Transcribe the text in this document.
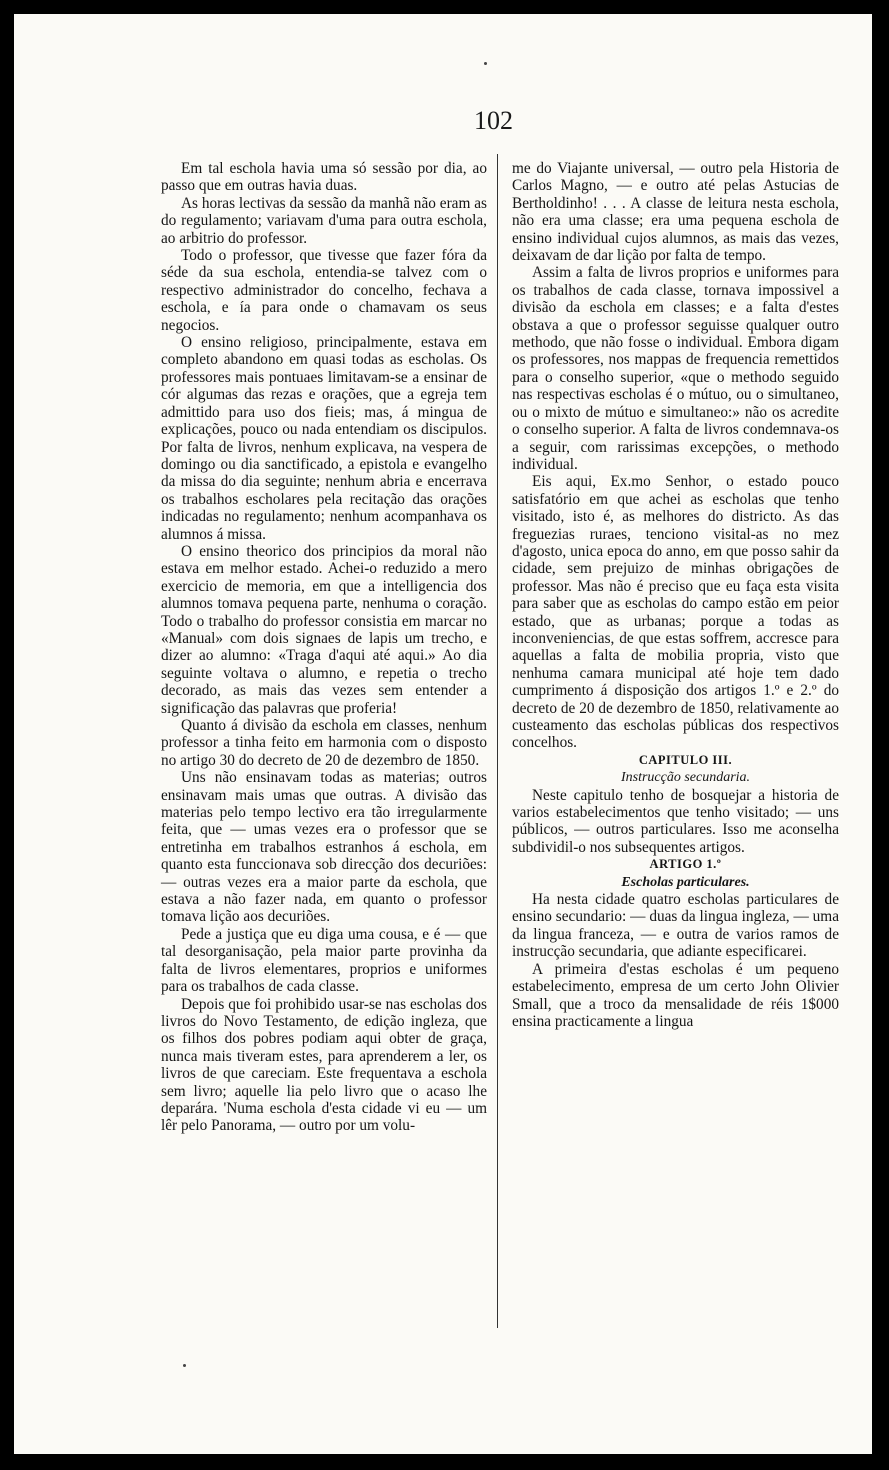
102

Em tal eschola havia uma só sessão por dia, ao passo que em outras havia duas.

As horas lectivas da sessão da manhã não eram as do regulamento; variavam d'uma para outra eschola, ao arbitrio do professor.

Todo o professor, que tivesse que fazer fóra da séde da sua eschola, entendia-se talvez com o respectivo administrador do concelho, fechava a eschola, e ía para onde o chamavam os seus negocios.

O ensino religioso, principalmente, estava em completo abandono em quasi todas as escholas. Os professores mais pontuaes limitavam-se a ensinar de cór algumas das rezas e orações, que a egreja tem admittido para uso dos fieis; mas, á mingua de explicações, pouco ou nada entendiam os discipulos. Por falta de livros, nenhum explicava, na vespera de domingo ou dia sanctificado, a epistola e evangelho da missa do dia seguinte; nenhum abria e encerrava os trabalhos escholares pela recitação das orações indicadas no regulamento; nenhum acompanhava os alumnos á missa.

O ensino theorico dos principios da moral não estava em melhor estado. Achei-o reduzido a mero exercicio de memoria, em que a intelligencia dos alumnos tomava pequena parte, nenhuma o coração. Todo o trabalho do professor consistia em marcar no «Manual» com dois signaes de lapis um trecho, e dizer ao alumno: «Traga d'aqui até aqui.» Ao dia seguinte voltava o alumno, e repetia o trecho decorado, as mais das vezes sem entender a significação das palavras que proferia!

Quanto á divisão da eschola em classes, nenhum professor a tinha feito em harmonia com o disposto no artigo 30 do decreto de 20 de dezembro de 1850.

Uns não ensinavam todas as materias; outros ensinavam mais umas que outras. A divisão das materias pelo tempo lectivo era tão irregularmente feita, que — umas vezes era o professor que se entretinha em trabalhos estranhos á eschola, em quanto esta funccionava sob direcção dos decuriões: — outras vezes era a maior parte da eschola, que estava a não fazer nada, em quanto o professor tomava lição aos decuriões.

Pede a justiça que eu diga uma cousa, e é — que tal desorganisação, pela maior parte provinha da falta de livros elementares, proprios e uniformes para os trabalhos de cada classe.

Depois que foi prohibido usar-se nas escholas dos livros do Novo Testamento, de edição ingleza, que os filhos dos pobres podiam aqui obter de graça, nunca mais tiveram estes, para aprenderem a ler, os livros de que careciam. Este frequentava a eschola sem livro; aquelle lia pelo livro que o acaso lhe deparára. 'Numa eschola d'esta cidade vi eu — um lêr pelo Panorama, — outro por um volu-

me do Viajante universal, — outro pela Historia de Carlos Magno, — e outro até pelas Astucias de Bertholdinho! . . . A classe de leitura nesta eschola, não era uma classe; era uma pequena eschola de ensino individual cujos alumnos, as mais das vezes, deixavam de dar lição por falta de tempo.

Assim a falta de livros proprios e uniformes para os trabalhos de cada classe, tornava impossivel a divisão da eschola em classes; e a falta d'estes obstava a que o professor seguisse qualquer outro methodo, que não fosse o individual. Embora digam os professores, nos mappas de frequencia remettidos para o conselho superior, «que o methodo seguido nas respectivas escholas é o mútuo, ou o simultaneo, ou o mixto de mútuo e simultaneo:» não os acredite o conselho superior. A falta de livros condemnava-os a seguir, com rarissimas excepções, o methodo individual.

Eis aqui, Ex.mo Senhor, o estado pouco satisfatório em que achei as escholas que tenho visitado, isto é, as melhores do districto. As das freguezias ruraes, tenciono visital-as no mez d'agosto, unica epoca do anno, em que posso sahir da cidade, sem prejuizo de minhas obrigações de professor. Mas não é preciso que eu faça esta visita para saber que as escholas do campo estão em peior estado, que as urbanas; porque a todas as inconveniencias, de que estas soffrem, accresce para aquellas a falta de mobilia propria, visto que nenhuma camara municipal até hoje tem dado cumprimento á disposição dos artigos 1.º e 2.º do decreto de 20 de dezembro de 1850, relativamente ao custeamento das escholas públicas dos respectivos concelhos.

CAPITULO III.

Instrucção secundaria.

Neste capitulo tenho de bosquejar a historia de varios estabelecimentos que tenho visitado; — uns públicos, — outros particulares. Isso me aconselha subdividil-o nos subsequentes artigos.

ARTIGO 1.º

Escholas particulares.

Ha nesta cidade quatro escholas particulares de ensino secundario: — duas da lingua ingleza, — uma da lingua franceza, — e outra de varios ramos de instrucção secundaria, que adiante especificarei.

A primeira d'estas escholas é um pequeno estabelecimento, empresa de um certo John Olivier Small, que a troco da mensalidade de réis 1$000 ensina practicamente a lingua
